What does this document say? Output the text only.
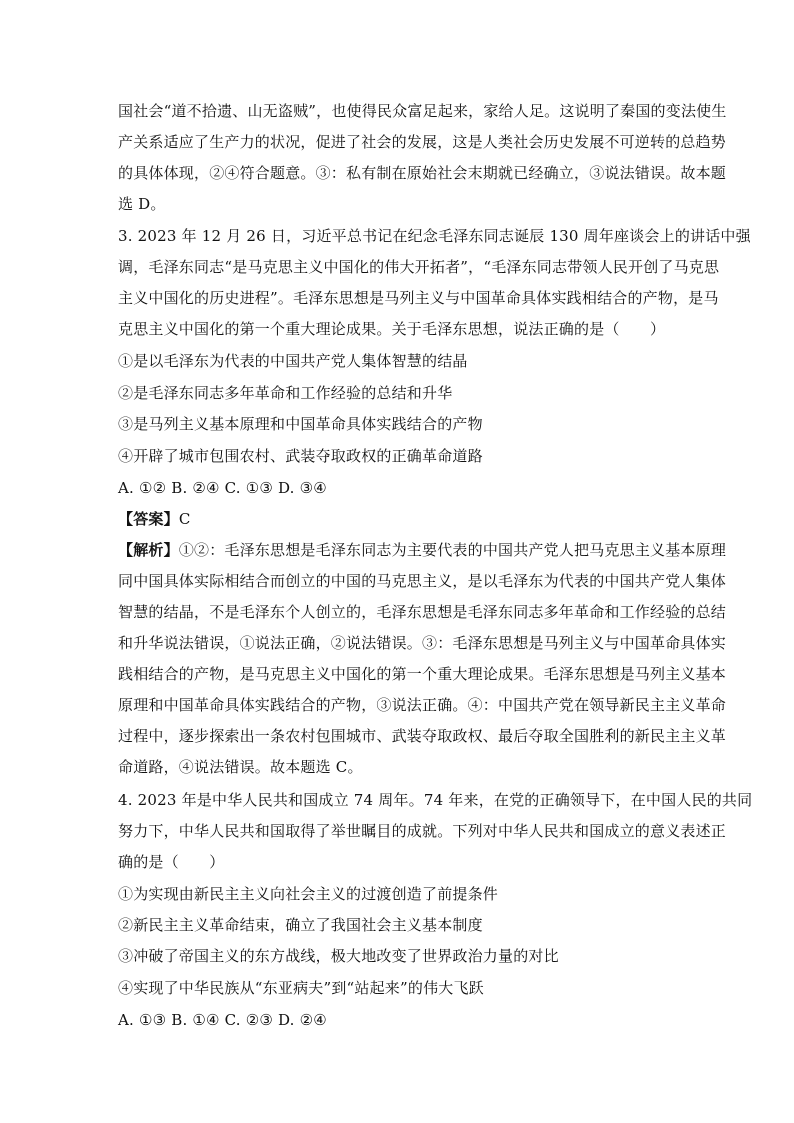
国社会“道不拾遗、山无盗贼”，也使得民众富足起来，家给人足。这说明了秦国的变法使生
产关系适应了生产力的状况，促进了社会的发展，这是人类社会历史发展不可逆转的总趋势
的具体体现，②④符合题意。③：私有制在原始社会末期就已经确立，③说法错误。故本题
选 D。
3. 2023 年 12 月 26 日，习近平总书记在纪念毛泽东同志诞辰 130 周年座谈会上的讲话中强
调，毛泽东同志“是马克思主义中国化的伟大开拓者”，“毛泽东同志带领人民开创了马克思
主义中国化的历史进程”。毛泽东思想是马列主义与中国革命具体实践相结合的产物，是马
克思主义中国化的第一个重大理论成果。关于毛泽东思想，说法正确的是（　　）
①是以毛泽东为代表的中国共产党人集体智慧的结晶
②是毛泽东同志多年革命和工作经验的总结和升华
③是马列主义基本原理和中国革命具体实践结合的产物
④开辟了城市包围农村、武装夺取政权的正确革命道路
A. ①② B. ②④ C. ①③ D. ③④
【答案】C
【解析】①②：毛泽东思想是毛泽东同志为主要代表的中国共产党人把马克思主义基本原理
同中国具体实际相结合而创立的中国的马克思主义，是以毛泽东为代表的中国共产党人集体
智慧的结晶，不是毛泽东个人创立的，毛泽东思想是毛泽东同志多年革命和工作经验的总结
和升华说法错误，①说法正确，②说法错误。③：毛泽东思想是马列主义与中国革命具体实
践相结合的产物，是马克思主义中国化的第一个重大理论成果。毛泽东思想是马列主义基本
原理和中国革命具体实践结合的产物，③说法正确。④：中国共产党在领导新民主主义革命
过程中，逐步探索出一条农村包围城市、武装夺取政权、最后夺取全国胜利的新民主主义革
命道路，④说法错误。故本题选 C。
4. 2023 年是中华人民共和国成立 74 周年。74 年来，在党的正确领导下，在中国人民的共同
努力下，中华人民共和国取得了举世瞩目的成就。下列对中华人民共和国成立的意义表述正
确的是（　　）
①为实现由新民主主义向社会主义的过渡创造了前提条件
②新民主主义革命结束，确立了我国社会主义基本制度
③冲破了帝国主义的东方战线，极大地改变了世界政治力量的对比
④实现了中华民族从“东亚病夫”到“站起来”的伟大飞跃
A. ①③ B. ①④ C. ②③ D. ②④
